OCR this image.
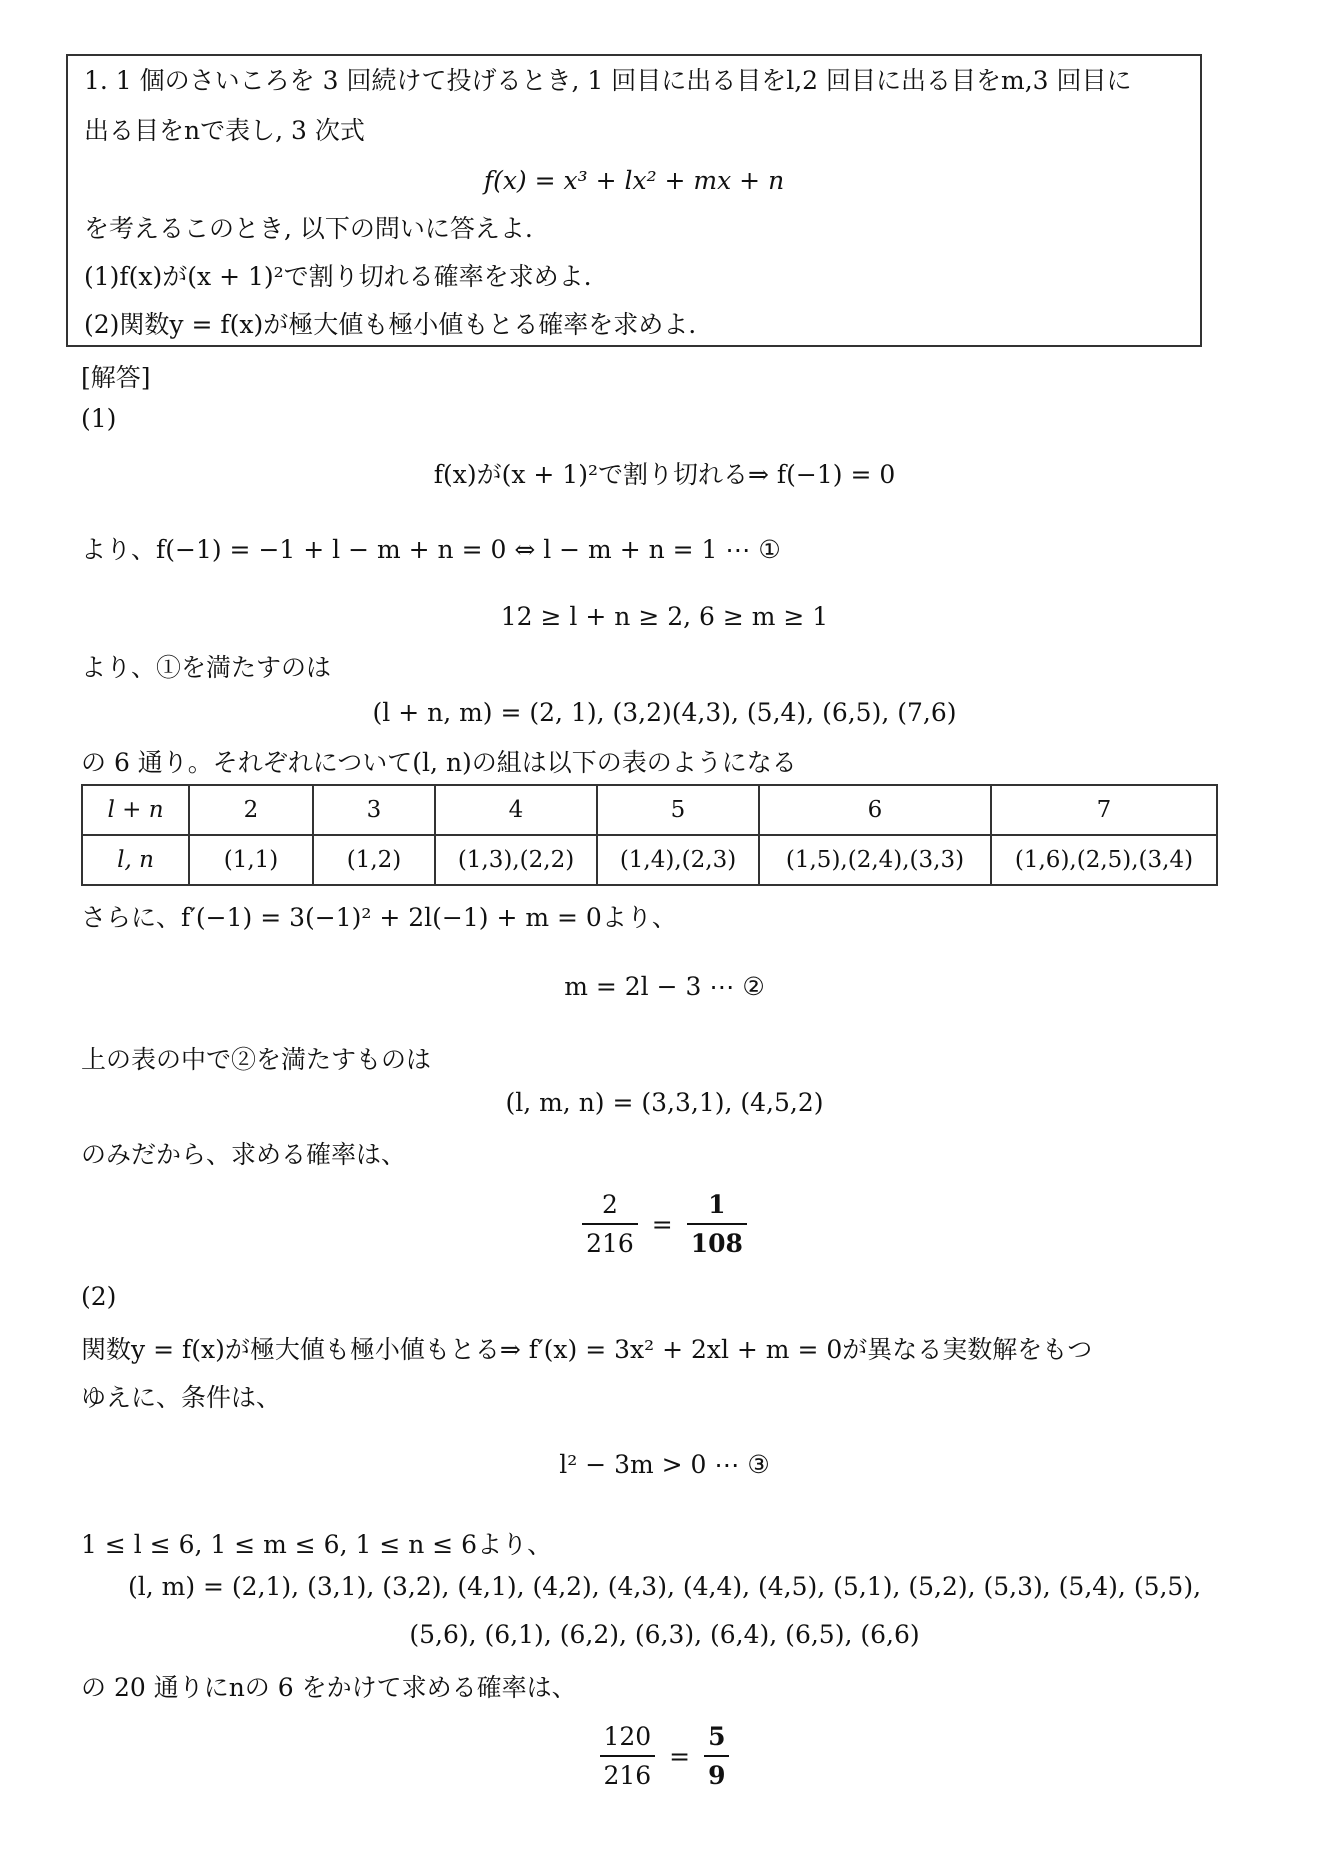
1. 1 個のさいころを 3 回続けて投げるとき, 1 回目に出る目をl,2 回目に出る目をm,3 回目に
出る目をnで表し, 3 次式
f(x) = x³ + lx² + mx + n
を考えるこのとき, 以下の問いに答えよ.
(1)f(x)が(x + 1)²で割り切れる確率を求めよ.
(2)関数y = f(x)が極大値も極小値もとる確率を求めよ.
[解答]
(1)
f(x)が(x + 1)²で割り切れる⇒ f(−1) = 0
より、f(−1) = −1 + l − m + n = 0 ⇔ l − m + n = 1 ⋯ ①
12 ≥ l + n ≥ 2, 6 ≥ m ≥ 1
より、①を満たすのは
(l + n, m) = (2, 1), (3,2)(4,3), (5,4), (6,5), (7,6)
の 6 通り。それぞれについて(l, n)の組は以下の表のようになる
l + n	2	3	4	5	6	7
l, n	(1,1)	(1,2)	(1,3),(2,2)	(1,4),(2,3)	(1,5),(2,4),(3,3)	(1,6),(2,5),(3,4)
さらに、f′(−1) = 3(−1)² + 2l(−1) + m = 0より、
m = 2l − 3 ⋯ ②
上の表の中で②を満たすものは
(l, m, n) = (3,3,1), (4,5,2)
のみだから、求める確率は、
$\frac{2}{216} = \frac{1}{108}$
(2)
関数y = f(x)が極大値も極小値もとる⇒ f′(x) = 3x² + 2xl + m = 0が異なる実数解をもつ
ゆえに、条件は、
l² − 3m > 0 ⋯ ③
1 ≤ l ≤ 6, 1 ≤ m ≤ 6, 1 ≤ n ≤ 6より、
(l, m) = (2,1), (3,1), (3,2), (4,1), (4,2), (4,3), (4,4), (4,5), (5,1), (5,2), (5,3), (5,4), (5,5),
(5,6), (6,1), (6,2), (6,3), (6,4), (6,5), (6,6)
の 20 通りにnの 6 をかけて求める確率は、
$\frac{120}{216} = \frac{5}{9}$
